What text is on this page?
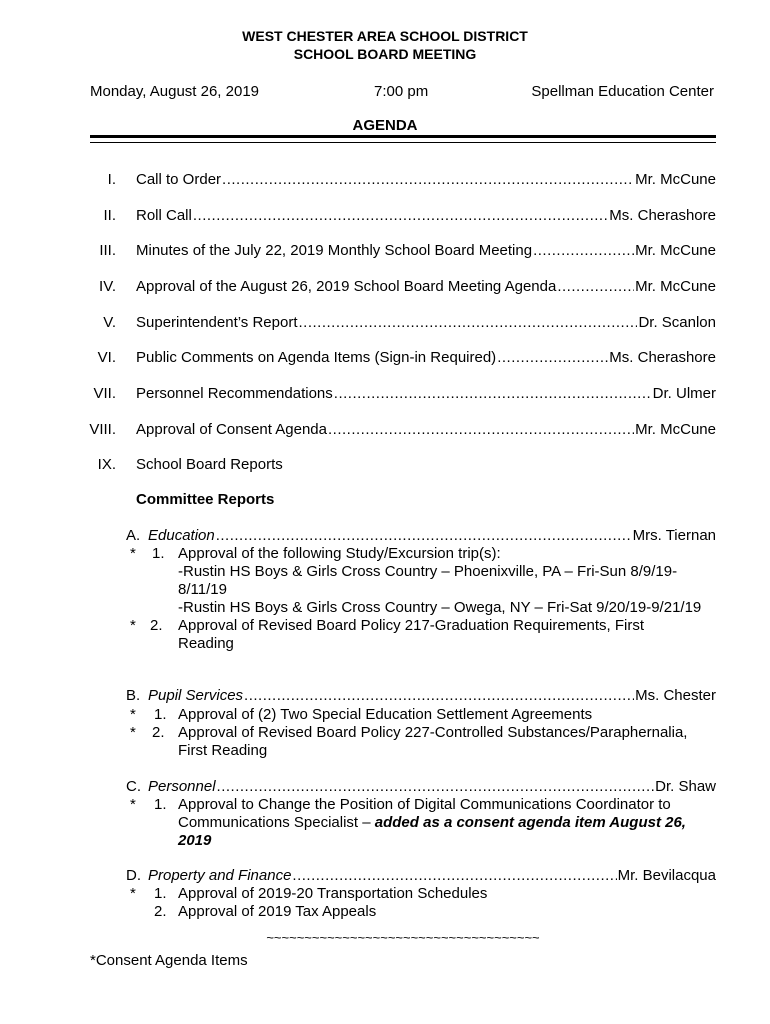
WEST CHESTER AREA SCHOOL DISTRICT
SCHOOL BOARD MEETING
Monday, August 26, 2019	7:00 pm	Spellman Education Center
AGENDA
I. Call to Order .....	Mr. McCune
II. Roll Call .....	Ms. Cherashore
III. Minutes of the July 22, 2019 Monthly School Board Meeting .....	Mr. McCune
IV. Approval of the August 26, 2019 School Board Meeting Agenda .....	Mr. McCune
V. Superintendent’s Report .....	Dr. Scanlon
VI. Public Comments on Agenda Items (Sign-in Required) .....	Ms. Cherashore
VII. Personnel Recommendations .....	Dr. Ulmer
VIII. Approval of Consent Agenda .....	Mr. McCune
IX. School Board Reports
Committee Reports
A. Education .....	Mrs. Tiernan
* 1. Approval of the following Study/Excursion trip(s):
-Rustin HS Boys & Girls Cross Country – Phoenixville, PA – Fri-Sun 8/9/19-
8/11/19
-Rustin HS Boys & Girls Cross Country – Owega, NY – Fri-Sat 9/20/19-9/21/19
* 2. Approval of Revised Board Policy 217-Graduation Requirements, First
Reading
B. Pupil Services .....	Ms. Chester
* 1. Approval of (2) Two Special Education Settlement Agreements
* 2. Approval of Revised Board Policy 227-Controlled Substances/Paraphernalia,
First Reading
C. Personnel .....	Dr. Shaw
* 1. Approval to Change the Position of Digital Communications Coordinator to
Communications Specialist – added as a consent agenda item August 26,
2019
D. Property and Finance .....	Mr. Bevilacqua
* 1. Approval of 2019-20 Transportation Schedules
2. Approval of 2019 Tax Appeals
~~~~~~~~~~~~~~~~~~~~~~~~~~~~~~~~~~~~
*Consent Agenda Items
